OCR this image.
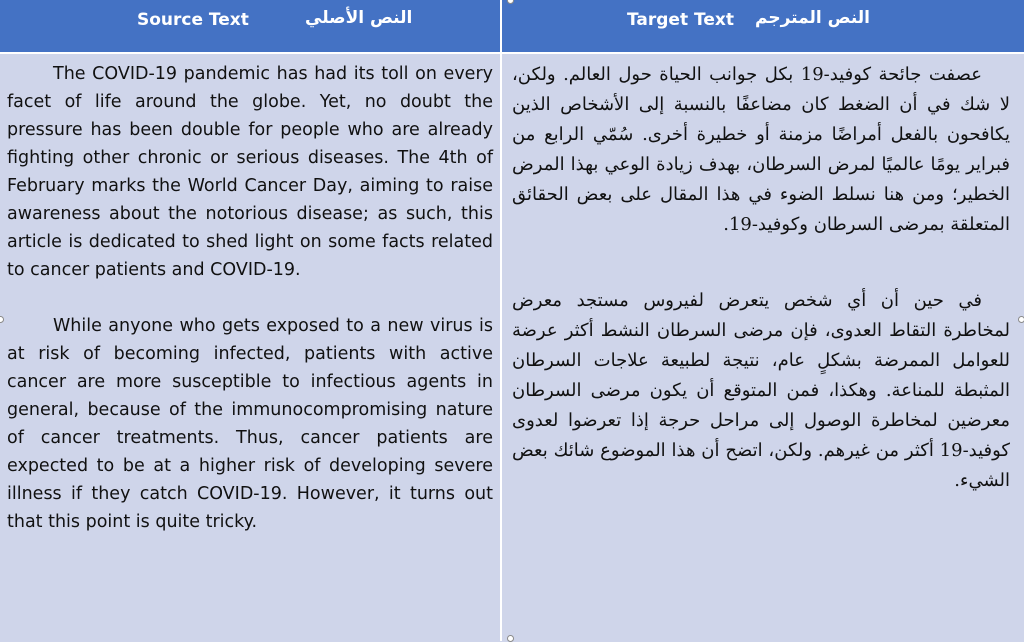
Source Text	النص الأصلي	Target Text النص المترجم

The COVID-19 pandemic has had its toll on every facet of life around the globe. Yet, no doubt the pressure has been double for people who are already fighting other chronic or serious diseases. The 4th of February marks the World Cancer Day, aiming to raise awareness about the notorious disease; as such, this article is dedicated to shed light on some facts related to cancer patients and COVID-19.

While anyone who gets exposed to a new virus is at risk of becoming infected, patients with active cancer are more susceptible to infectious agents in general, because of the immunocompromising nature of cancer treatments. Thus, cancer patients are expected to be at a higher risk of developing severe illness if they catch COVID-19. However, it turns out that this point is quite tricky.

عصفت جائحة كوفيد-19 بكل جوانب الحياة حول العالم. ولكن، لا شك في أن الضغط كان مضاعفًا بالنسبة إلى الأشخاص الذين يكافحون بالفعل أمراضًا مزمنة أو خطيرة أخرى. سُمّي الرابع من فبراير يومًا عالميًا لمرض السرطان، بهدف زيادة الوعي بهذا المرض الخطير؛ ومن هنا نسلط الضوء في هذا المقال على بعض الحقائق المتعلقة بمرضى السرطان وكوفيد-19.

في حين أن أي شخص يتعرض لفيروس مستجد معرض لمخاطرة التقاط العدوى، فإن مرضى السرطان النشط أكثر عرضة للعوامل الممرضة بشكلٍ عام، نتيجة لطبيعة علاجات السرطان المثبطة للمناعة. وهكذا، فمن المتوقع أن يكون مرضى السرطان معرضين لمخاطرة الوصول إلى مراحل حرجة إذا تعرضوا لعدوى كوفيد-19 أكثر من غيرهم. ولكن، اتضح أن هذا الموضوع شائك بعض الشيء.
